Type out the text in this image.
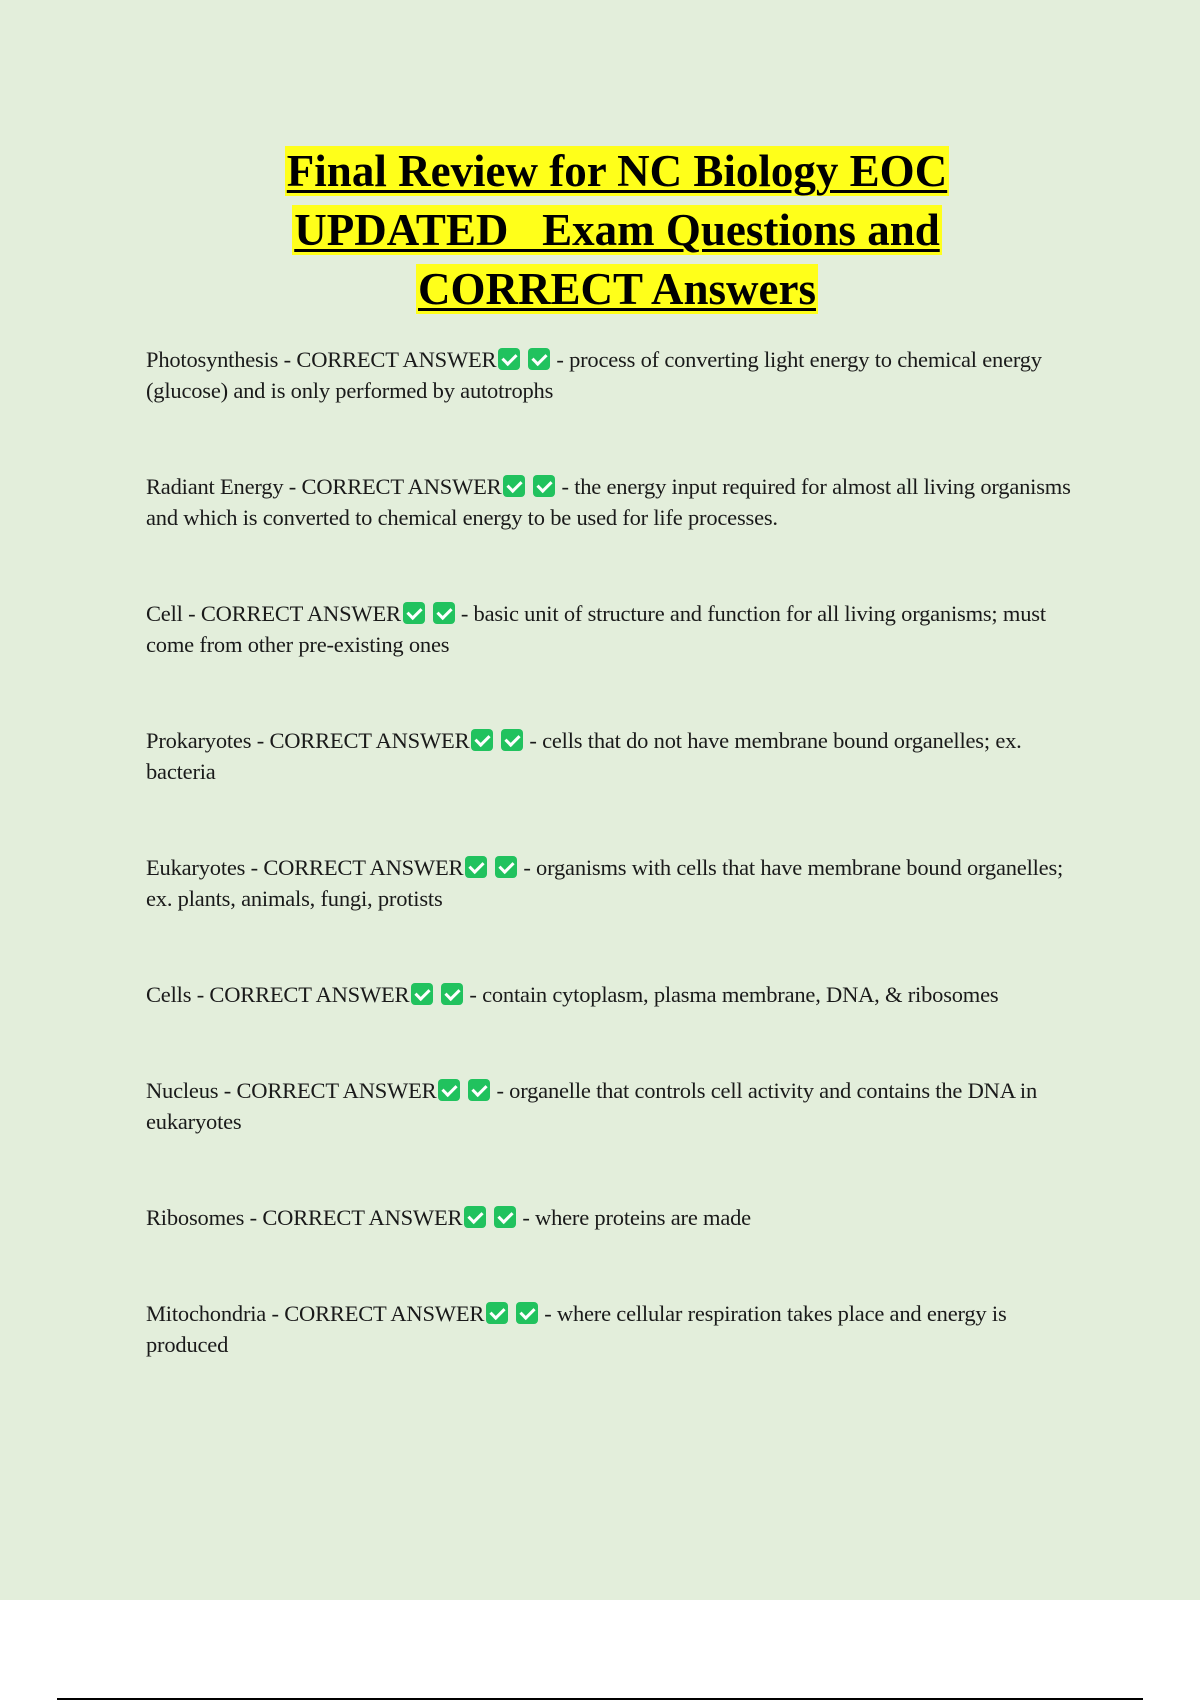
Final Review for NC Biology EOC
UPDATED   Exam Questions and
CORRECT Answers

Photosynthesis - CORRECT ANSWER	- process of converting light energy to chemical energy (glucose) and is only performed by autotrophs

Radiant Energy - CORRECT ANSWER	- the energy input required for almost all living organisms and which is converted to chemical energy to be used for life processes.

Cell - CORRECT ANSWER	- basic unit of structure and function for all living organisms; must come from other pre-existing ones

Prokaryotes - CORRECT ANSWER	- cells that do not have membrane bound organelles; ex. bacteria

Eukaryotes - CORRECT ANSWER	- organisms with cells that have membrane bound organelles; ex. plants, animals, fungi, protists

Cells - CORRECT ANSWER	- contain cytoplasm, plasma membrane, DNA, & ribosomes

Nucleus - CORRECT ANSWER	- organelle that controls cell activity and contains the DNA in eukaryotes

Ribosomes - CORRECT ANSWER	- where proteins are made

Mitochondria - CORRECT ANSWER	- where cellular respiration takes place and energy is produced
